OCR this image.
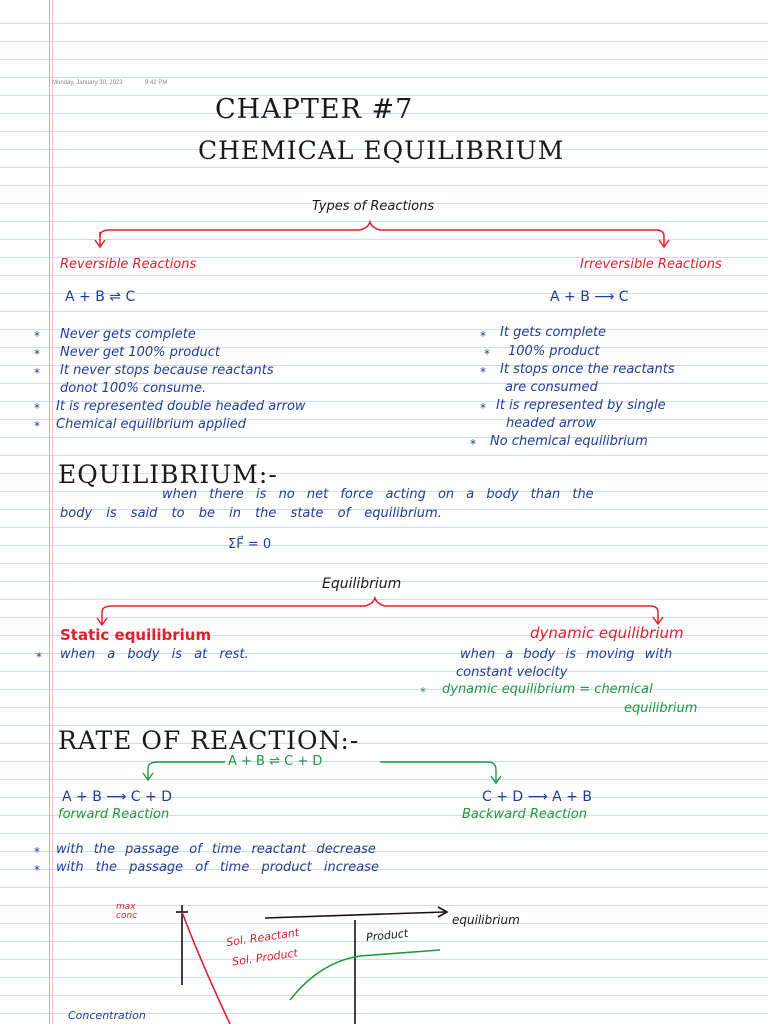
Monday, January 30, 2023	9:42 PM
CHAPTER #7
CHEMICAL EQUILIBRIUM
Types of Reactions
Reversible Reactions
A + B ⇌ C
* Never gets complete
* Never get 100% product
* It never stops because reactants
donot 100% consume.
* It is represented double headed arrow
* Chemical equilibrium applied
Irreversible Reactions
A + B ⟶ C
* It gets complete
* 100% product
* It stops once the reactants
are consumed
* It is represented by single
headed arrow
* No chemical equilibrium
EQUILIBRIUM:-
when there is no net force acting on a body than the
body is said to be in the state of equilibrium.
ΣF⃗ = 0
Equilibrium
Static equilibrium
* when a body is at rest.
dynamic equilibrium
when a body is moving with
constant velocity
* dynamic equilibrium = chemical
equilibrium
RATE OF REACTION:-
A + B ⇌ C + D
A + B ⟶ C + D
forward Reaction
C + D ⟶ A + B
Backward Reaction
* with the passage of time reactant decrease
* with the passage of time product increase
max conc
Sol. Reactant
Sol. Product
Product
equilibrium
Concentration
